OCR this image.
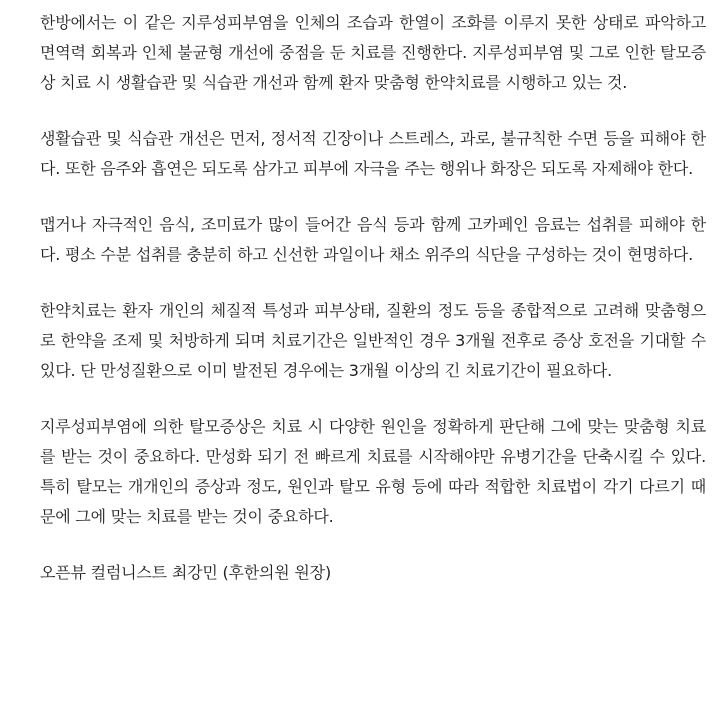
한방에서는 이 같은 지루성피부염을 인체의 조습과 한열이 조화를 이루지 못한 상태로 파악하고 면역력 회복과 인체 불균형 개선에 중점을 둔 치료를 진행한다. 지루성피부염 및 그로 인한 탈모증상 치료 시 생활습관 및 식습관 개선과 함께 환자 맞춤형 한약치료를 시행하고 있는 것.

생활습관 및 식습관 개선은 먼저, 정서적 긴장이나 스트레스, 과로, 불규칙한 수면 등을 피해야 한다. 또한 음주와 흡연은 되도록 삼가고 피부에 자극을 주는 행위나 화장은 되도록 자제해야 한다.

맵거나 자극적인 음식, 조미료가 많이 들어간 음식 등과 함께 고카페인 음료는 섭취를 피해야 한다. 평소 수분 섭취를 충분히 하고 신선한 과일이나 채소 위주의 식단을 구성하는 것이 현명하다.

한약치료는 환자 개인의 체질적 특성과 피부상태, 질환의 정도 등을 종합적으로 고려해 맞춤형으로 한약을 조제 및 처방하게 되며 치료기간은 일반적인 경우 3개월 전후로 증상 호전을 기대할 수 있다. 단 만성질환으로 이미 발전된 경우에는 3개월 이상의 긴 치료기간이 필요하다.

지루성피부염에 의한 탈모증상은 치료 시 다양한 원인을 정확하게 판단해 그에 맞는 맞춤형 치료를 받는 것이 중요하다. 만성화 되기 전 빠르게 치료를 시작해야만 유병기간을 단축시킬 수 있다. 특히 탈모는 개개인의 증상과 정도, 원인과 탈모 유형 등에 따라 적합한 치료법이 각기 다르기 때문에 그에 맞는 치료를 받는 것이 중요하다.

오픈뷰 컬럼니스트 최강민 (후한의원 원장)
